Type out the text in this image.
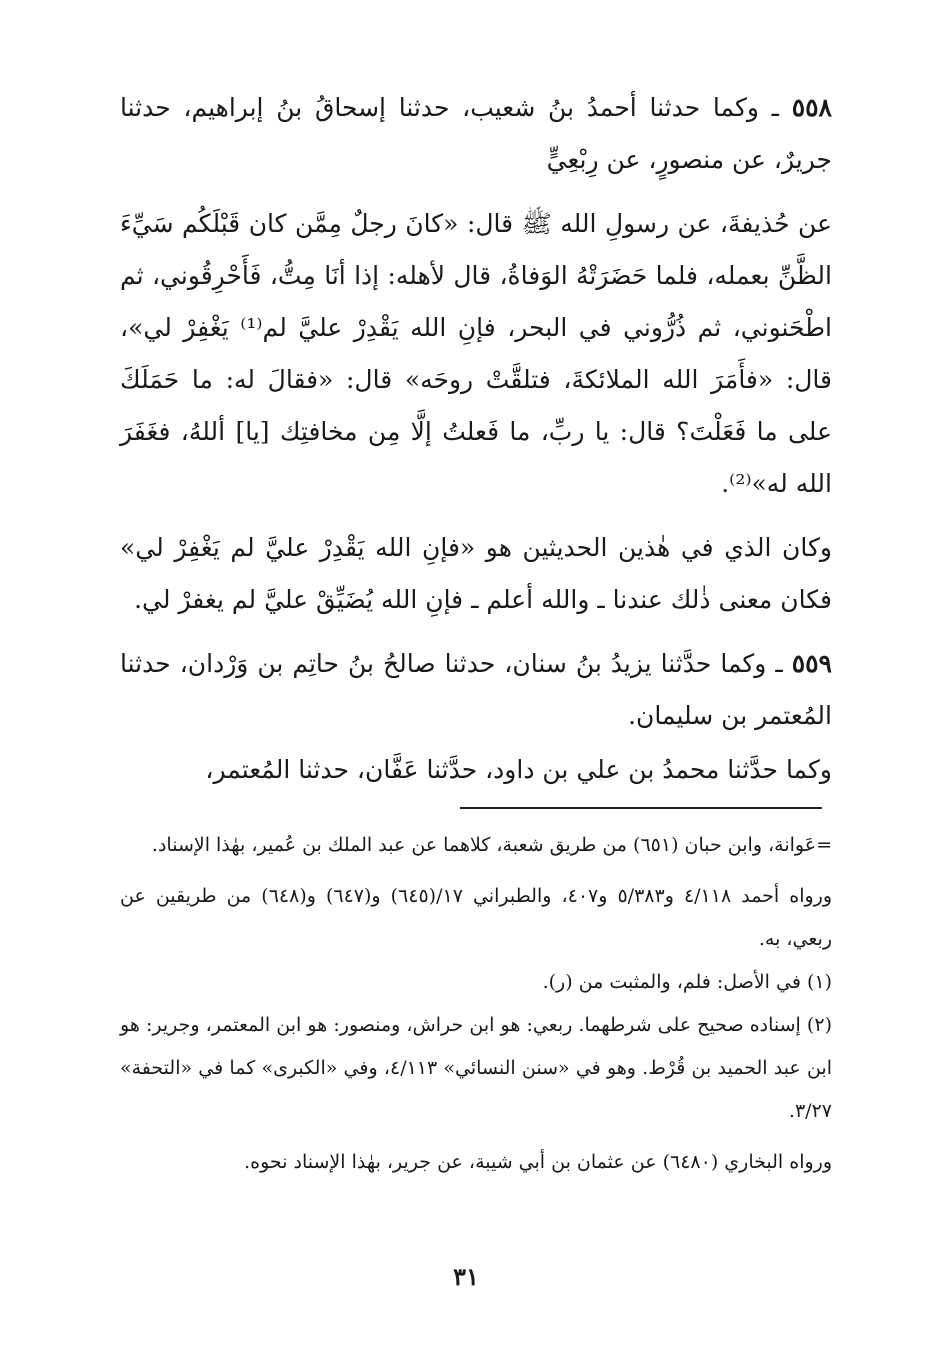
٥٥٨ ـ وكما حدثنا أحمدُ بنُ شعيب، حدثنا إسحاقُ بنُ إبراهيم، حدثنا جريرٌ، عن منصورٍ، عن رِبْعِيٍّ

عن حُذيفةَ، عن رسولِ الله ﷺ قال: «كانَ رجلٌ مِمَّن كان قَبْلَكُم سَيِّءَ الظَّنِّ بعمله، فلما حَضَرَتْهُ الوَفاةُ، قال لأهله: إذا أنَا مِتُّ، فَأَحْرِقُوني، ثم اطْحَنوني، ثم ذُرُّوني في البحر، فإنِ الله يَقْدِرْ عليَّ لم⁽¹⁾ يَغْفِرْ لي»، قال: «فأَمَرَ الله الملائكةَ، فتلقَّتْ روحَه» قال: «فقالَ له: ما حَمَلَكَ على ما فَعَلْتَ؟ قال: يا ربِّ، ما فَعلتُ إلَّا مِن مخافتِك [يا] أللهُ، فغَفَرَ الله له»⁽²⁾.

وكان الذي في هٰذين الحديثين هو «فإنِ الله يَقْدِرْ عليَّ لم يَغْفِرْ لي» فكان معنى ذٰلك عندنا ـ والله أعلم ـ فإنِ الله يُضَيِّقْ عليَّ لم يغفرْ لي.

٥٥٩ ـ وكما حدَّثنا يزيدُ بنُ سنان، حدثنا صالحُ بنُ حاتِم بن وَرْدان، حدثنا المُعتمر بن سليمان.

وكما حدَّثنا محمدُ بن علي بن داود، حدَّثنا عَفَّان، حدثنا المُعتمر،

=عَوانة، وابن حبان (٦٥١) من طريق شعبة، كلاهما عن عبد الملك بن عُمير، بهٰذا الإسناد.

ورواه أحمد ٤/١١٨ و٥/٣٨٣ و٤٠٧، والطبراني ١٧/(٦٤٥) و(٦٤٧) و(٦٤٨) من طريقين عن ربعي، به.

(١) في الأصل: فلم، والمثبت من (ر).

(٢) إسناده صحيح على شرطهما. ربعي: هو ابن حراش، ومنصور: هو ابن المعتمر، وجرير: هو ابن عبد الحميد بن قُرْط. وهو في «سنن النسائي» ٤/١١٣، وفي «الكبرى» كما في «التحفة» ٣/٢٧.

ورواه البخاري (٦٤٨٠) عن عثمان بن أبي شيبة، عن جرير، بهٰذا الإسناد نحوه.

٣١
